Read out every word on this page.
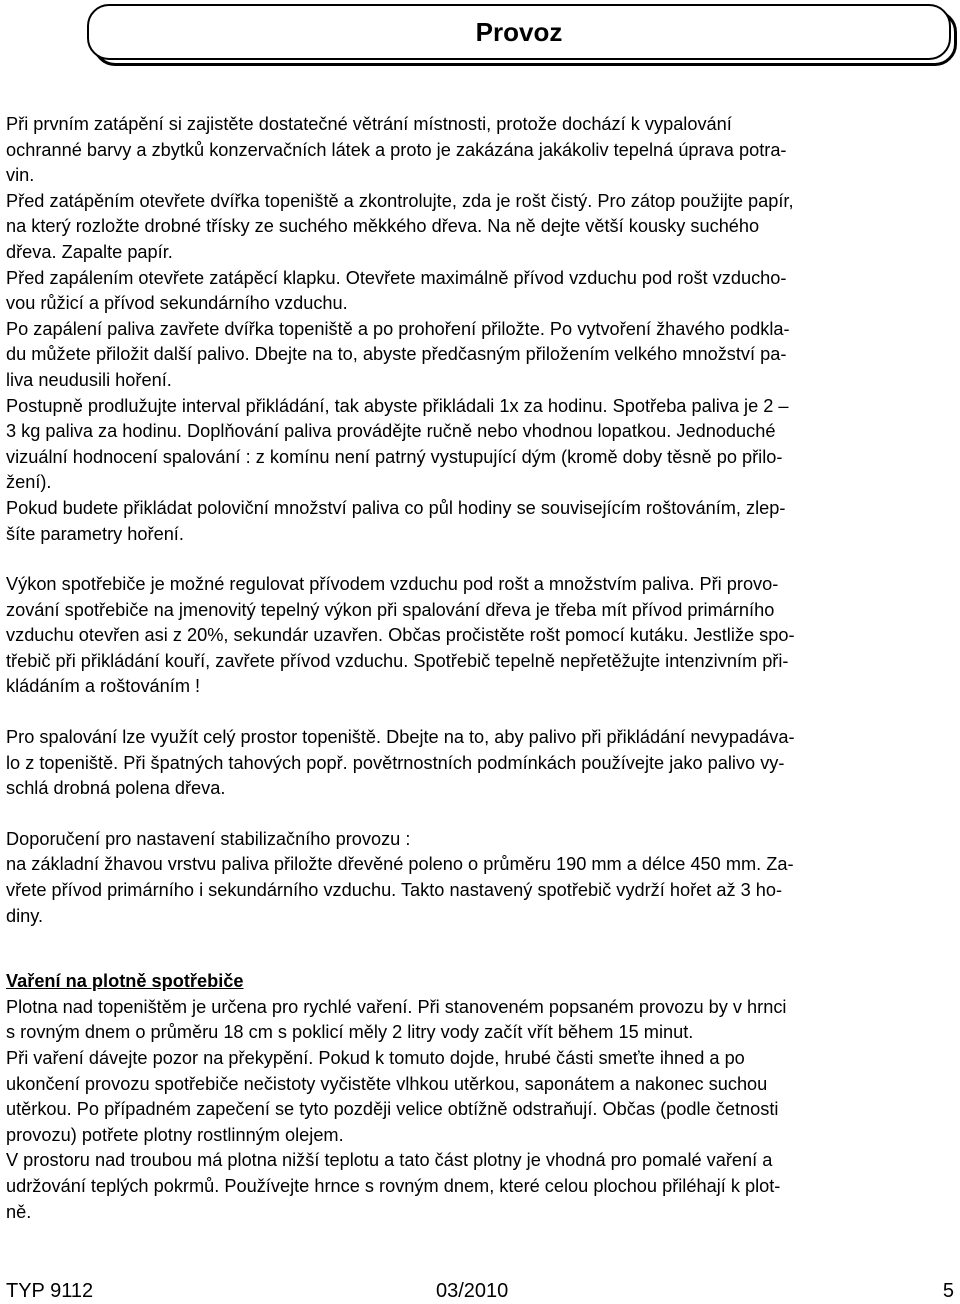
Provoz

Při prvním zatápění si zajistěte dostatečné větrání místnosti, protože dochází k vypalování

ochranné barvy a zbytků konzervačních látek a proto je zakázána jakákoliv tepelná úprava potra-

vin.

Před zatápěním otevřete dvířka topeniště a zkontrolujte, zda je rošt čistý. Pro zátop použijte papír,

na který rozložte drobné třísky ze suchého měkkého dřeva. Na ně dejte větší kousky suchého

dřeva. Zapalte papír.

Před zapálením otevřete zatápěcí klapku. Otevřete maximálně přívod vzduchu pod rošt vzducho-

vou růžicí a přívod sekundárního vzduchu.

Po zapálení paliva zavřete dvířka topeniště a po prohoření přiložte. Po vytvoření žhavého podkla-

du můžete přiložit další palivo. Dbejte na to, abyste předčasným přiložením velkého množství pa-

liva neudusili hoření.

Postupně prodlužujte interval přikládání, tak abyste přikládali 1x za hodinu. Spotřeba paliva je 2 –

3 kg paliva za hodinu. Doplňování paliva provádějte ručně nebo vhodnou lopatkou. Jednoduché

vizuální hodnocení spalování : z komínu není patrný vystupující dým (kromě doby těsně po přilo-

žení).

Pokud budete přikládat poloviční množství paliva co půl hodiny se souvisejícím roštováním, zlep-

šíte parametry hoření.

Výkon spotřebiče je možné regulovat přívodem vzduchu pod rošt a množstvím paliva. Při provo-

zování spotřebiče na jmenovitý tepelný výkon při spalování dřeva je třeba mít přívod primárního

vzduchu otevřen asi z 20%, sekundár uzavřen. Občas pročistěte rošt pomocí kutáku. Jestliže spo-

třebič při přikládání kouří, zavřete přívod vzduchu. Spotřebič tepelně nepřetěžujte intenzivním při-

kládáním a roštováním !

Pro spalování lze využít celý prostor topeniště. Dbejte na to, aby palivo při přikládání nevypadáva-

lo z topeniště. Při špatných tahových popř. povětrnostních podmínkách používejte jako palivo vy-

schlá drobná polena dřeva.

Doporučení pro nastavení stabilizačního provozu :

na základní žhavou vrstvu paliva přiložte dřevěné poleno o průměru 190 mm a délce 450 mm. Za-

vřete přívod primárního i sekundárního vzduchu. Takto nastavený spotřebič vydrží hořet až 3 ho-

diny.

Vaření na plotně spotřebiče

Plotna nad topeništěm je určena pro rychlé vaření. Při stanoveném popsaném provozu by v hrnci

s rovným dnem o průměru 18 cm s poklicí měly 2 litry vody začít vřít během 15 minut.

Při vaření dávejte pozor na překypění. Pokud k tomuto dojde, hrubé části smeťte ihned a po

ukončení provozu spotřebiče nečistoty vyčistěte vlhkou utěrkou, saponátem a nakonec suchou

utěrkou. Po případném zapečení se tyto později velice obtížně odstraňují. Občas (podle četnosti

provozu) potřete plotny rostlinným olejem.

V prostoru nad troubou má plotna nižší teplotu a tato část plotny je vhodná pro pomalé vaření a

udržování teplých pokrmů. Používejte hrnce s rovným dnem, které celou plochou přiléhají k plot-

ně.

TYP 9112	03/2010	5
